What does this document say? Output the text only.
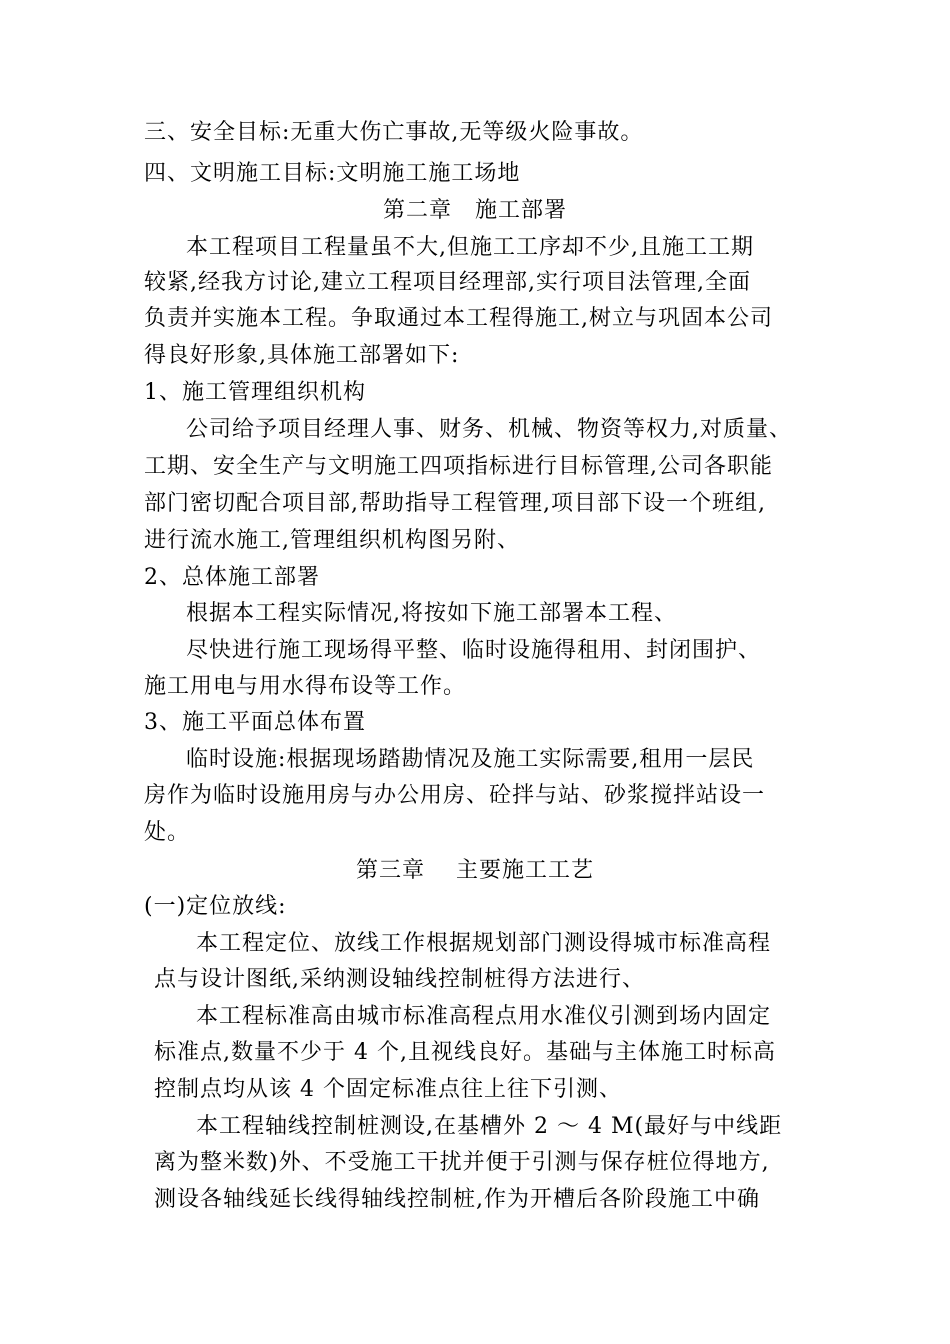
三、安全目标:无重大伤亡事故,无等级火险事故。
四、文明施工目标:文明施工施工场地
第二章　施工部署
本工程项目工程量虽不大,但施工工序却不少,且施工工期
较紧,经我方讨论,建立工程项目经理部,实行项目法管理,全面
负责并实施本工程。争取通过本工程得施工,树立与巩固本公司
得良好形象,具体施工部署如下:
1、施工管理组织机构
公司给予项目经理人事、财务、机械、物资等权力,对质量、
工期、安全生产与文明施工四项指标进行目标管理,公司各职能
部门密切配合项目部,帮助指导工程管理,项目部下设一个班组,
进行流水施工,管理组织机构图另附、
2、总体施工部署
根据本工程实际情况,将按如下施工部署本工程、
尽快进行施工现场得平整、临时设施得租用、封闭围护、
施工用电与用水得布设等工作。
3、施工平面总体布置
临时设施:根据现场踏勘情况及施工实际需要,租用一层民
房作为临时设施用房与办公用房、砼拌与站、砂浆搅拌站设一
处。
第三章　 主要施工工艺
(一)定位放线:
本工程定位、放线工作根据规划部门测设得城市标准高程
点与设计图纸,采纳测设轴线控制桩得方法进行、
本工程标准高由城市标准高程点用水准仪引测到场内固定
标准点,数量不少于 4 个,且视线良好。基础与主体施工时标高
控制点均从该 4 个固定标准点往上往下引测、
本工程轴线控制桩测设,在基槽外 2 ～ 4 M(最好与中线距
离为整米数)外、不受施工干扰并便于引测与保存桩位得地方,
测设各轴线延长线得轴线控制桩,作为开槽后各阶段施工中确
